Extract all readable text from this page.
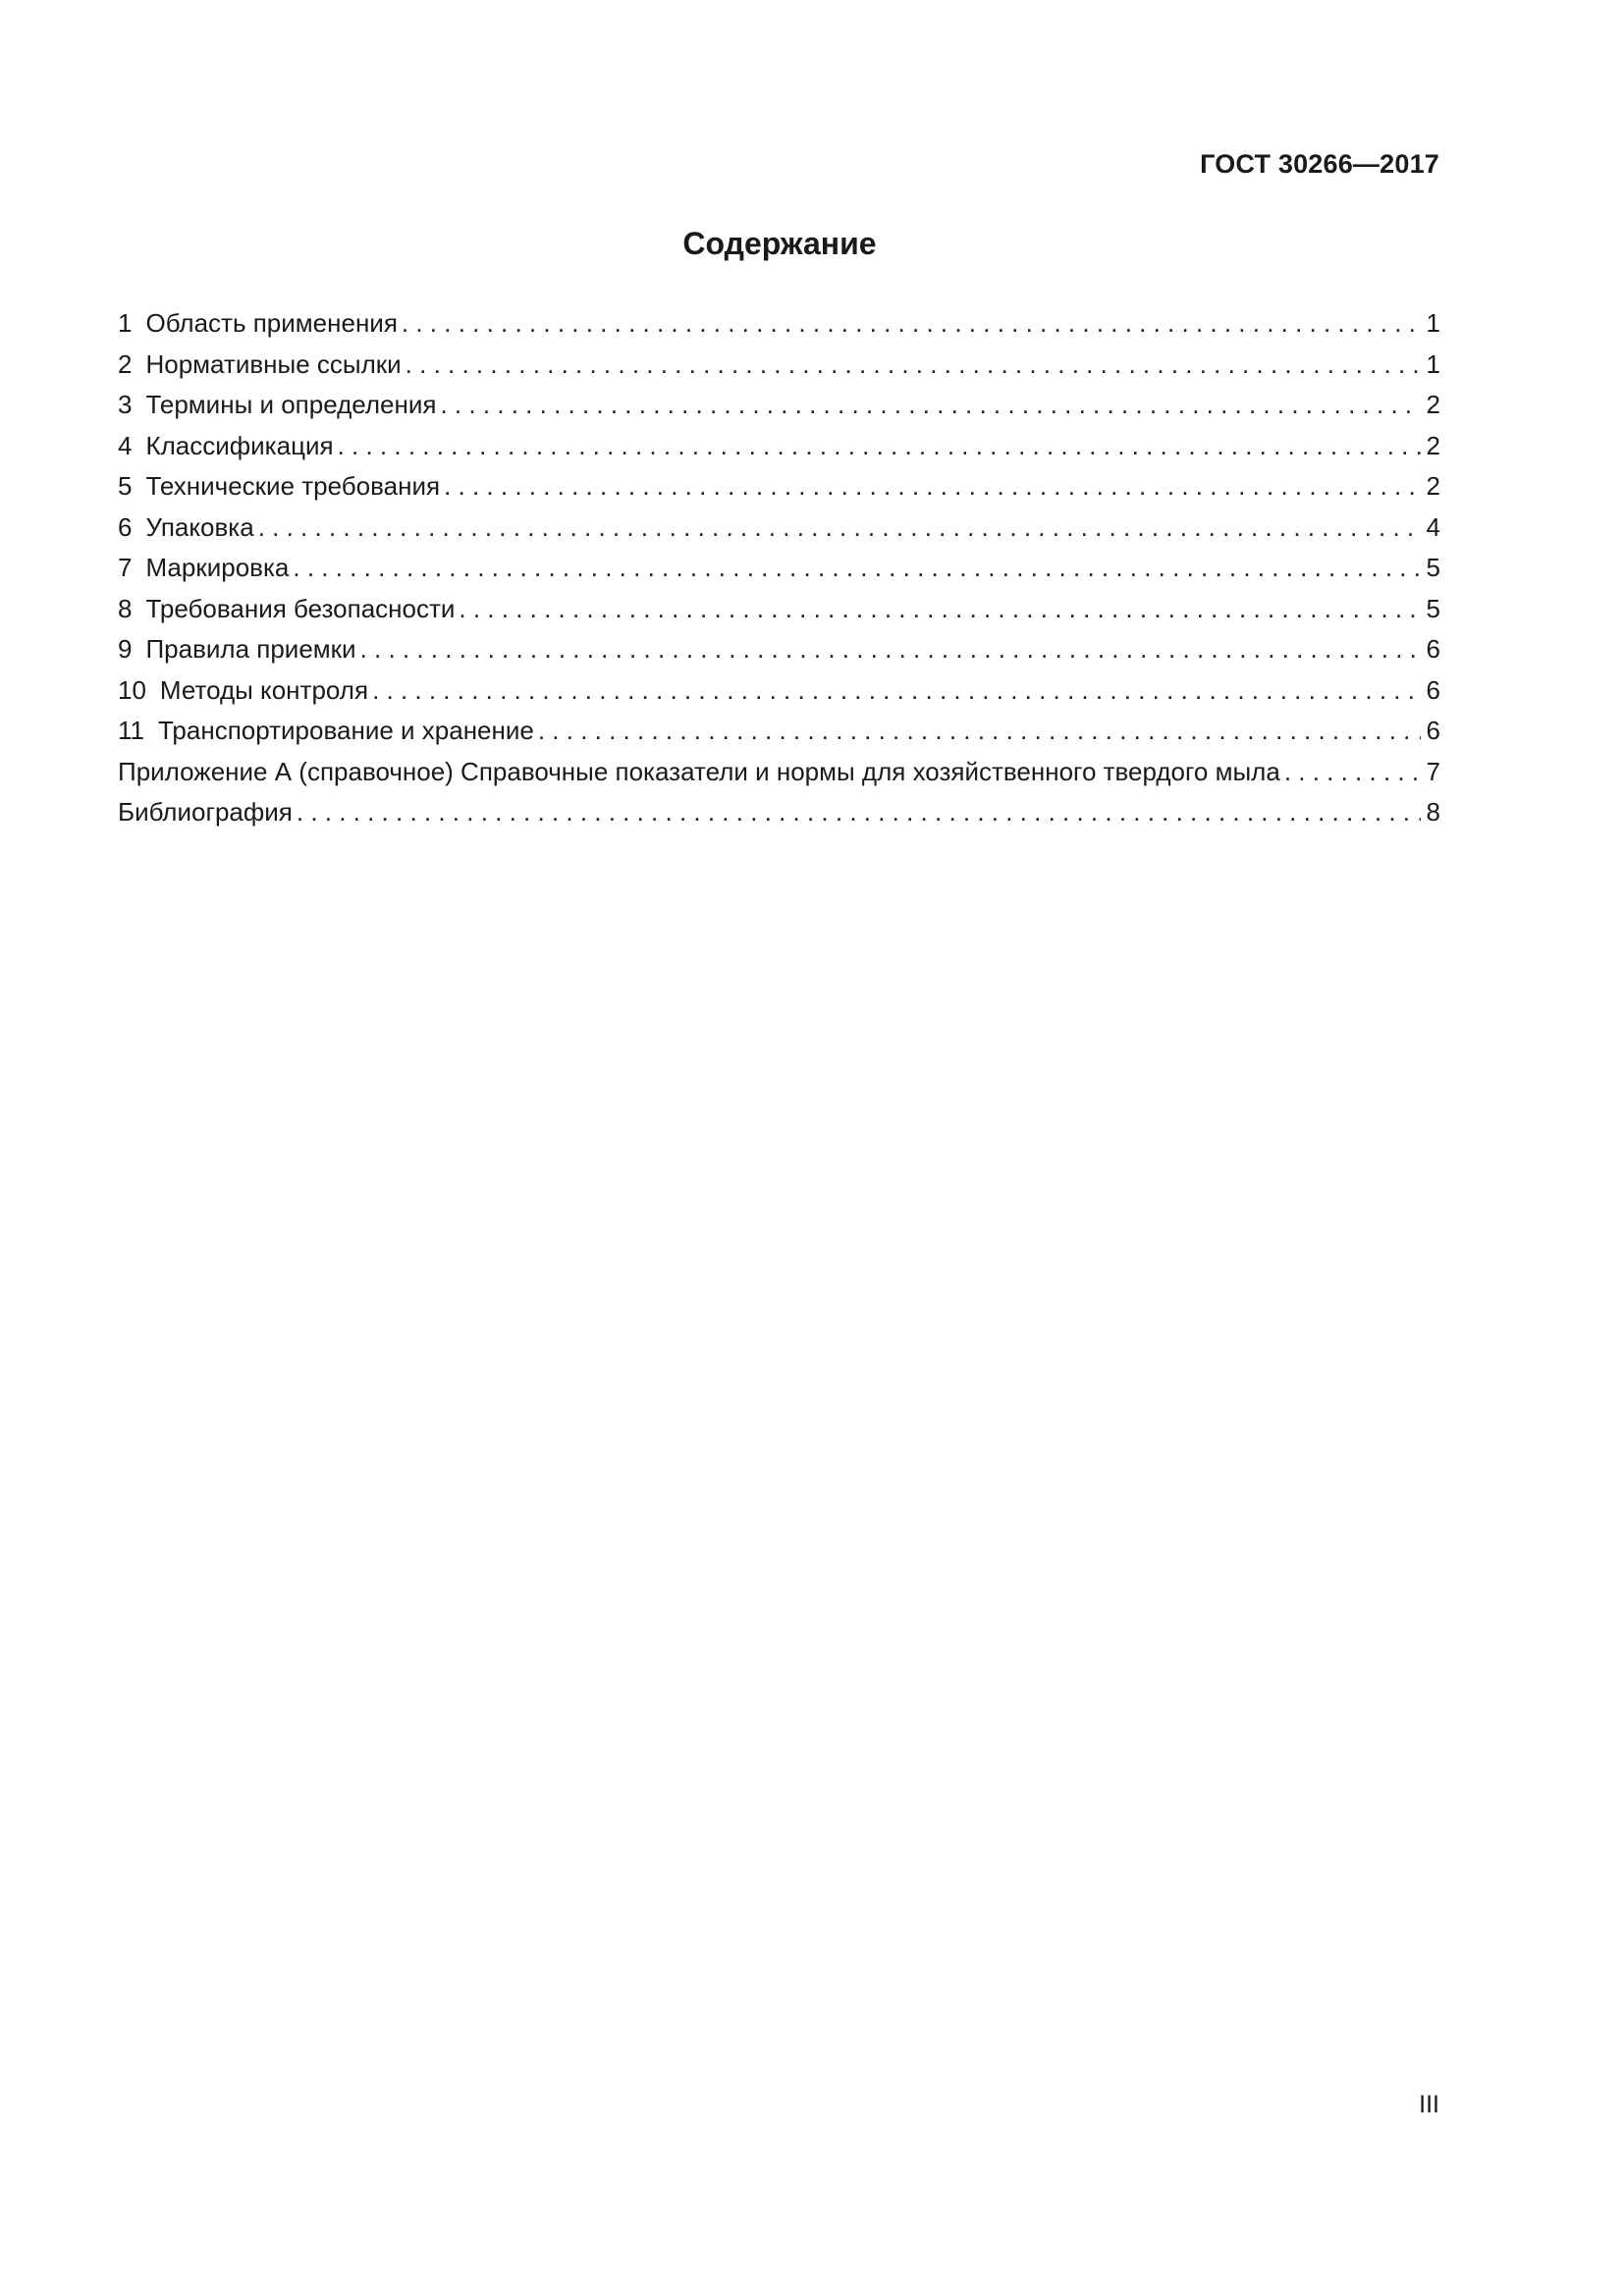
ГОСТ 30266—2017
Содержание
1 Область применения . . .	1
2 Нормативные ссылки . . .	1
3 Термины и определения . . .	2
4 Классификация . . .	2
5 Технические требования . . .	2
6 Упаковка . . .	4
7 Маркировка . . .	5
8 Требования безопасности . . .	5
9 Правила приемки . . .	6
10 Методы контроля . . .	6
11 Транспортирование и хранение . . .	6
Приложение А (справочное) Справочные показатели и нормы для хозяйственного твердого мыла . . .	7
Библиография . . .	8
III
